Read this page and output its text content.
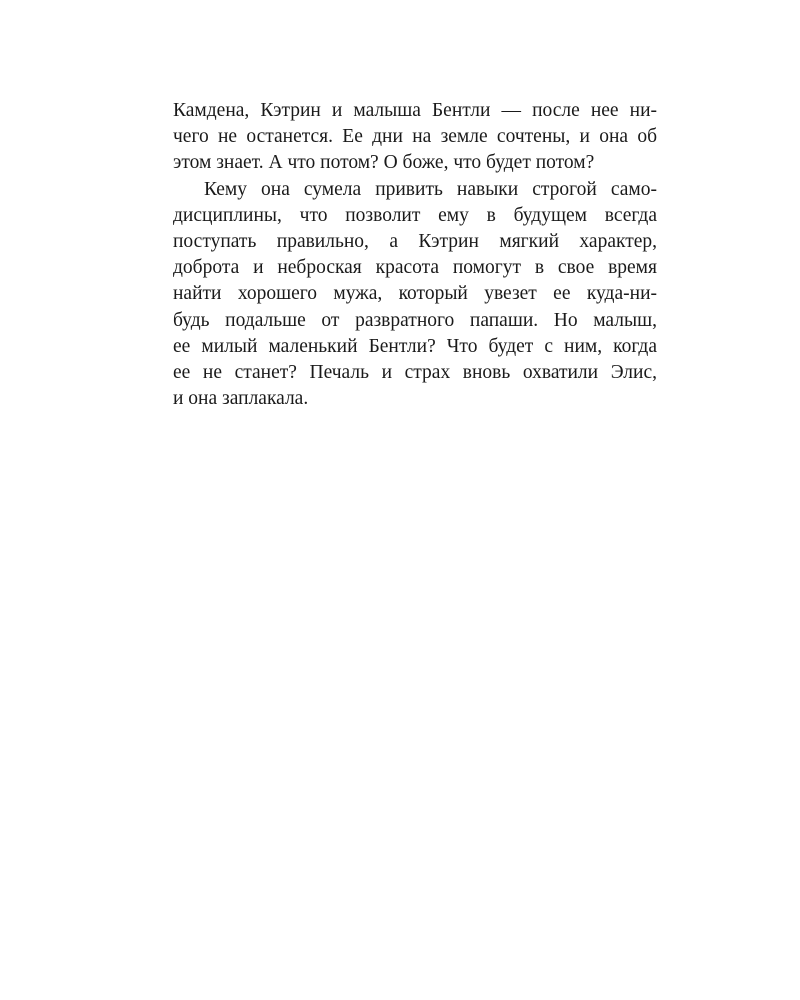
Камдена, Кэтрин и малыша Бентли — после нее ни-
чего не останется. Ее дни на земле сочтены, и она об
этом знает. А что потом? О боже, что будет потом?
Кему она сумела привить навыки строгой само-
дисциплины, что позволит ему в будущем всегда
поступать правильно, а Кэтрин мягкий характер,
доброта и неброская красота помогут в свое время
найти хорошего мужа, который увезет ее куда-ни-
будь подальше от развратного папаши. Но малыш,
ее милый маленький Бентли? Что будет с ним, когда
ее не станет? Печаль и страх вновь охватили Элис,
и она заплакала.
